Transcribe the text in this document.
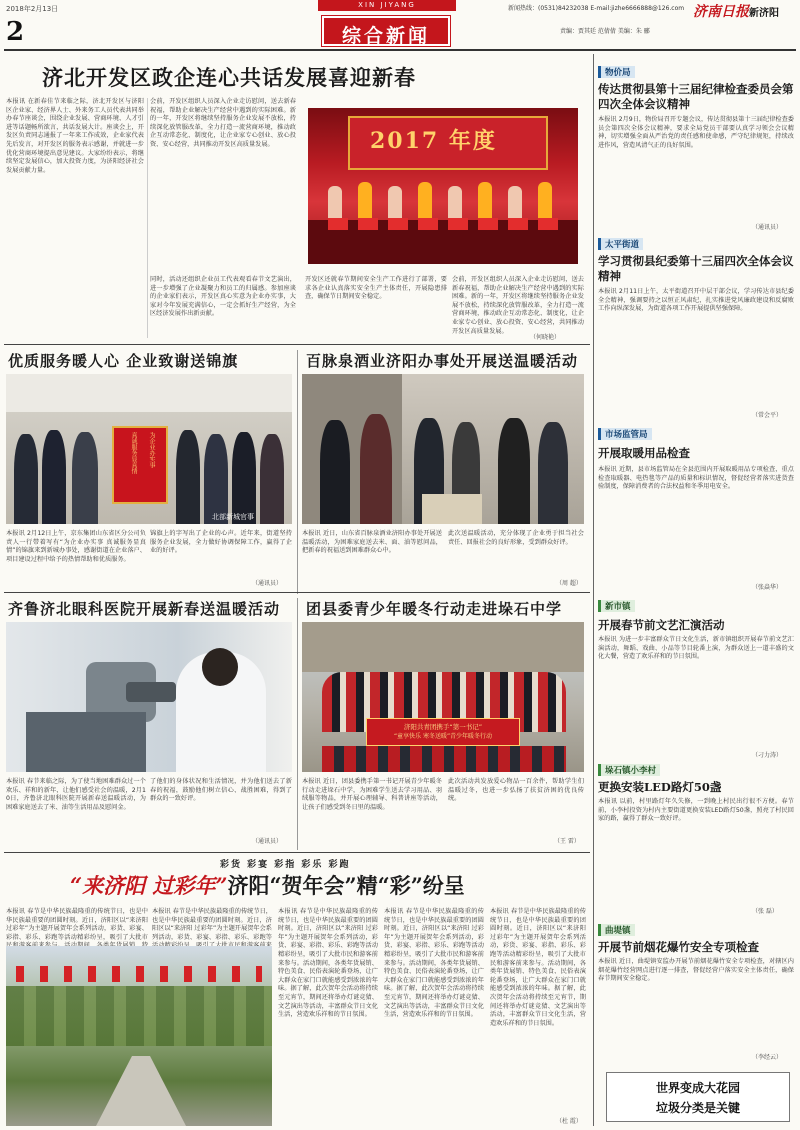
2018年2月13日
2
XIN JIYANG	新闻热线：(0531)84232038 E-mail:jizhe6666888@126.com
责编：贾其廷 范倩倩 美编：朱 郦
综合新闻
济南日报新济阳
济北开发区政企连心共话发展喜迎新春
本报讯 在新春佳节来临之际，济北开发区与济阳区企业家、经济界人士、外来务工人员代表共同举办春节座谈会，围绕企业发展、营商环境、人才引进等话题畅所欲言，共话发展大计。座谈会上，开发区负责同志通报了一年来工作成效，企业家代表先后发言，对开发区的服务表示感谢，并就进一步优化营商环境提出意见建议。大家纷纷表示，将继续坚定发展信心，加大投资力度，为济阳经济社会发展贡献力量。
会前，开发区组织人员深入企业走访慰问，送去新春祝福，帮助企业解决生产经营中遇到的实际困难。新的一年，开发区将继续坚持服务企业发展不放松，持续深化放管服改革，全力打造一流营商环境，推动政企互动常态化、制度化，让企业家专心创业、放心投资、安心经营，共同推动开发区高质量发展。	2017 年度
同时，活动还组织企业员工代表观看春节文艺演出，进一步增强了企业凝聚力和员工的归属感。参加座谈的企业家们表示，开发区真心实意为企业办实事，大家对今年发展充满信心，一定会抓好生产经营，为全区经济发展作出新贡献。
开发区还就春节期间安全生产工作进行了部署，要求各企业认真落实安全生产主体责任，开展隐患排查，确保节日期间安全稳定。
会前，开发区组织人员深入企业走访慰问，送去新春祝福，帮助企业解决生产经营中遇到的实际困难。新的一年，开发区将继续坚持服务企业发展不放松，持续深化放管服改革，全力打造一流营商环境，推动政企互动常态化、制度化，让企业家专心创业、放心投资、安心经营，共同推动开发区高质量发展。
（何晓艳）
优质服务暖人心 企业致谢送锦旗
为企业办实事
真诚服务显真情
北部新城官事
本报讯 2月12日上午，京东集团山东省区分公司负责人一行带着写有“为企业办实事 真诚服务显真情”的锦旗来到新城办事处，感谢街道在企业落户、项目建设过程中给予的热情帮助和优质服务。
锦旗上的字写出了企业的心声。近年来，街道坚持服务企业发展，全力做好协调保障工作，赢得了企业的好评。
（通讯员）
百脉泉酒业济阳办事处开展送温暖活动
本报讯 近日，山东省百脉泉酒业济阳办事处开展送温暖活动，为困难家庭送去米、面、油等慰问品，把新春的祝福送到困难群众心中。
此次送温暖活动，充分体现了企业勇于担当社会责任、回报社会的良好形象，受到群众好评。
（周 超）
齐鲁济北眼科医院开展新春送温暖活动
本报讯 春节来临之际，为了使当地困难群众过一个欢乐、祥和的新年，让他们感受社会的温暖，2月10日，齐鲁济北眼科医院开展新春送温暖活动，为困难家庭送去了米、油等生活用品及慰问金。
了他们的身体状况和生活情况，并为他们送去了新春的祝福，鼓励他们树立信心、战胜困难，得到了群众的一致好评。
（通讯员）
团县委青少年暖冬行动走进垛石中学
济阳共青团携手“第一书记”
“童享快乐 寒冬送暖”青少年暖冬行动
本报讯 近日，团县委携手第一书记开展青少年暖冬行动走进垛石中学，为困难学生送去学习用品、羽绒服等物品，并开展心理辅导、科普讲座等活动，让孩子们感受到冬日里的温暖。
此次活动共发放爱心物品一百余件，帮助学生们温暖过冬，也进一步弘扬了扶贫济困的优良传统。
（王 雷）
彩货 彩宴 彩指 彩乐 彩跑
“来济阳 过彩年”济阳“贺年会”精“彩”纷呈
本报讯 春节是中华民族最隆重的传统节日，也是中华民族最重要的团圆时刻。近日，济阳区以“来济阳 过彩年”为主题开展贺年会系列活动，彩货、彩宴、彩指、彩乐、彩跑等活动精彩纷呈，吸引了大批市
本报讯 春节是中华民族最隆重的传统节日，也是中华民族最重要的团圆时刻。近日，济阳区以“来济阳 过彩年”为主题开展贺年会系列活动，彩货、彩宴、彩指、彩乐、彩跑等
本报讯 春节是中华民族最隆重的传统节日，也是中华民族最重要的团圆时刻。近日，济阳区以“来济阳 过彩年”为主题开展贺年会系列活动，彩货、彩宴、彩指、彩乐、彩跑等活动精彩纷呈，吸引了大批市民和游客前来参与。活动期间，各类年货展销、特色美食、民俗表演轮番登场，让广大群众在家门口就能感受到浓浓的年味。据了解，此次贺年会活动将持续至元宵节，期间还将举办灯谜竞猜、文艺演出等活动，丰富群众节日文化生活，营造欢乐祥和的节日氛围。
本报讯 春节是中华民族最隆重的传统节日，也是中华民族最重要的团圆时刻。近日，济阳区以“来济阳 过彩年”为主题开展贺年会系列活动，彩货、彩宴、彩指、彩乐、彩跑等活动精彩纷呈，吸引了大批市民和游客前来参与。活动期间，各类年货展销、特色美食、民俗表演轮番登场，让广大群众在家门口就能感受到浓浓的年味。据了解，此次贺年会活动将持续至元宵节，期间还将举办灯谜竞猜、文艺演出等活动，丰富群众节日文化生活，营造欢乐祥和的节日氛围。
本报讯 春节是中华民族最隆重的传统节日，也是中华民族最重要的团圆时刻。近日，济阳区以“来济阳 过彩年”为主题开展贺年会系列活动，彩货、彩宴、彩指、彩乐、彩跑等活动精彩纷呈，吸引了大批市民和游客前来参与。活动期间，各类年货展销、特色美食、民俗表演轮番登场，让广大群众在家门口就能感受到浓浓的年味。据了解，此次贺年会活动将持续至元宵节，期间还将举办灯谜竞猜、文艺演出等活动，丰富群众节日文化生活，营造欢乐祥和的节日氛围。
（杜 霞）
物价局
传达贯彻县第十三届纪律检查委员会第四次全体会议精神
本报讯 2月9日，物价局召开专题会议，传达贯彻县第十三届纪律检查委员会第四次全体会议精神，要求全局党员干部要认真学习领会会议精神，切实增强全面从严治党的责任感和使命感，严守纪律规矩，持续改进作风，营造风清气正的良好氛围。
（通讯员）
太平街道
学习贯彻县纪委第十三届四次全体会议精神
本报讯 2月11日上午，太平街道召开中层干部会议，学习传达市县纪委全会精神，强调要持之以恒正风肃纪，扎实推进党风廉政建设和反腐败工作向纵深发展，为街道各项工作开展提供坚强保障。
（常会平）
市场监管局
开展取暖用品检查
本报讯 近期，县市场监管局在全县范围内开展取暖用品专项检查，重点检查取暖器、电热毯等产品的质量和标识情况，督促经营者落实进货查验制度，保障消费者的合法权益和冬季用电安全。
（张焱华）
新市镇
开展春节前文艺汇演活动
本报讯 为进一步丰富群众节日文化生活，新市镇组织开展春节前文艺汇演活动，舞蹈、戏曲、小品等节目轮番上演，为群众送上一道丰盛的文化大餐，营造了欢乐祥和的节日氛围。
（刁力涛）
垛石镇小李村
更换安装LED路灯50盏
本报讯 以前，村里路灯年久失修，一到晚上村民出行很不方便。春节前，小李村投资为村内主要街道更换安装LED路灯50盏，照亮了村民回家的路，赢得了群众一致好评。
（张 磊）
曲堤镇
开展节前烟花爆竹安全专项检查
本报讯 近日，曲堤镇安监办开展节前烟花爆竹安全专项检查，对辖区内烟花爆竹经营网点进行逐一排查，督促经营户落实安全主体责任，确保春节期间安全稳定。
（李经云）
世界变成大花园
垃圾分类是关键
